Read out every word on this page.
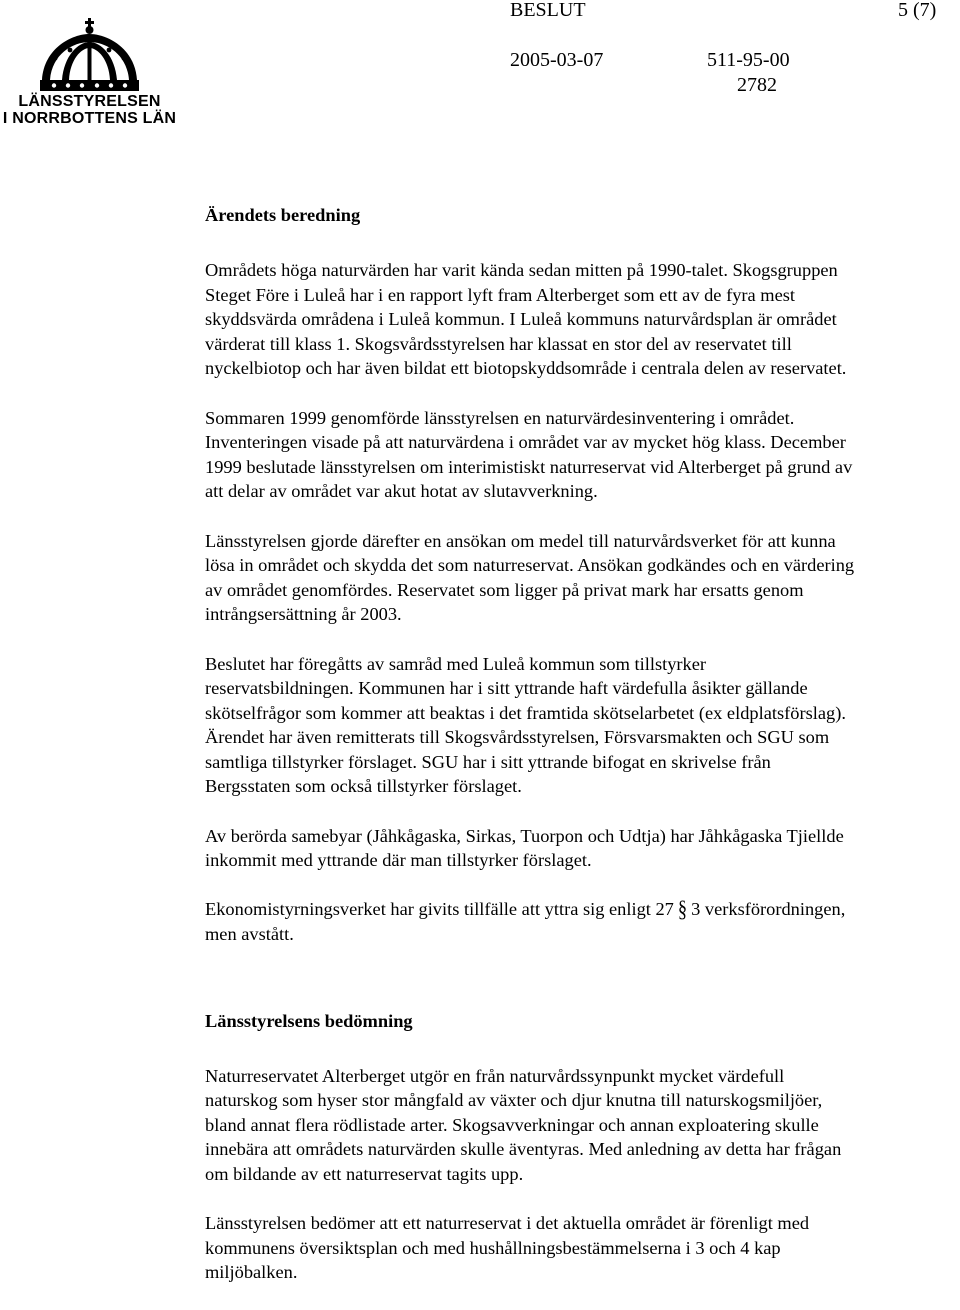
LÄNSSTYRELSEN
I NORRBOTTENS LÄN
BESLUT	5 (7)
2005-03-07	511-95-00
2782
Ärendets beredning

Områdets höga naturvärden har varit kända sedan mitten på 1990-talet. Skogsgruppen
Steget Före i Luleå har i en rapport lyft fram Alterberget som ett av de fyra mest
skyddsvärda områdena i Luleå kommun. I Luleå kommuns naturvårdsplan är området
värderat till klass 1. Skogsvårdsstyrelsen har klassat en stor del av reservatet till
nyckelbiotop och har även bildat ett biotopskyddsområde i centrala delen av reservatet.

Sommaren 1999 genomförde länsstyrelsen en naturvärdesinventering i området.
Inventeringen visade på att naturvärdena i området var av mycket hög klass. December
1999 beslutade länsstyrelsen om interimistiskt naturreservat vid Alterberget på grund av
att delar av området var akut hotat av slutavverkning.

Länsstyrelsen gjorde därefter en ansökan om medel till naturvårdsverket för att kunna
lösa in området och skydda det som naturreservat. Ansökan godkändes och en värdering
av området genomfördes. Reservatet som ligger på privat mark har ersatts genom
intrångsersättning år 2003.

Beslutet har föregåtts av samråd med Luleå kommun som tillstyrker
reservatsbildningen. Kommunen har i sitt yttrande haft värdefulla åsikter gällande
skötselfrågor som kommer att beaktas i det framtida skötselarbetet (ex eldplatsförslag).
Ärendet har även remitterats till Skogsvårdsstyrelsen, Försvarsmakten och SGU som
samtliga tillstyrker förslaget. SGU har i sitt yttrande bifogat en skrivelse från
Bergsstaten som också tillstyrker förslaget.

Av berörda samebyar (Jåhkågaska, Sirkas, Tuorpon och Udtja) har Jåhkågaska Tjiellde
inkommit med yttrande där man tillstyrker förslaget.

Ekonomistyrningsverket har givits tillfälle att yttra sig enligt 27 § 3 verksförordningen,
men avstått.

Länsstyrelsens bedömning

Naturreservatet Alterberget utgör en från naturvårdssynpunkt mycket värdefull
naturskog som hyser stor mångfald av växter och djur knutna till naturskogsmiljöer,
bland annat flera rödlistade arter. Skogsavverkningar och annan exploatering skulle
innebära att områdets naturvärden skulle äventyras. Med anledning av detta har frågan
om bildande av ett naturreservat tagits upp.

Länsstyrelsen bedömer att ett naturreservat i det aktuella området är förenligt med
kommunens översiktsplan och med hushållningsbestämmelserna i 3 och 4 kap
miljöbalken.
